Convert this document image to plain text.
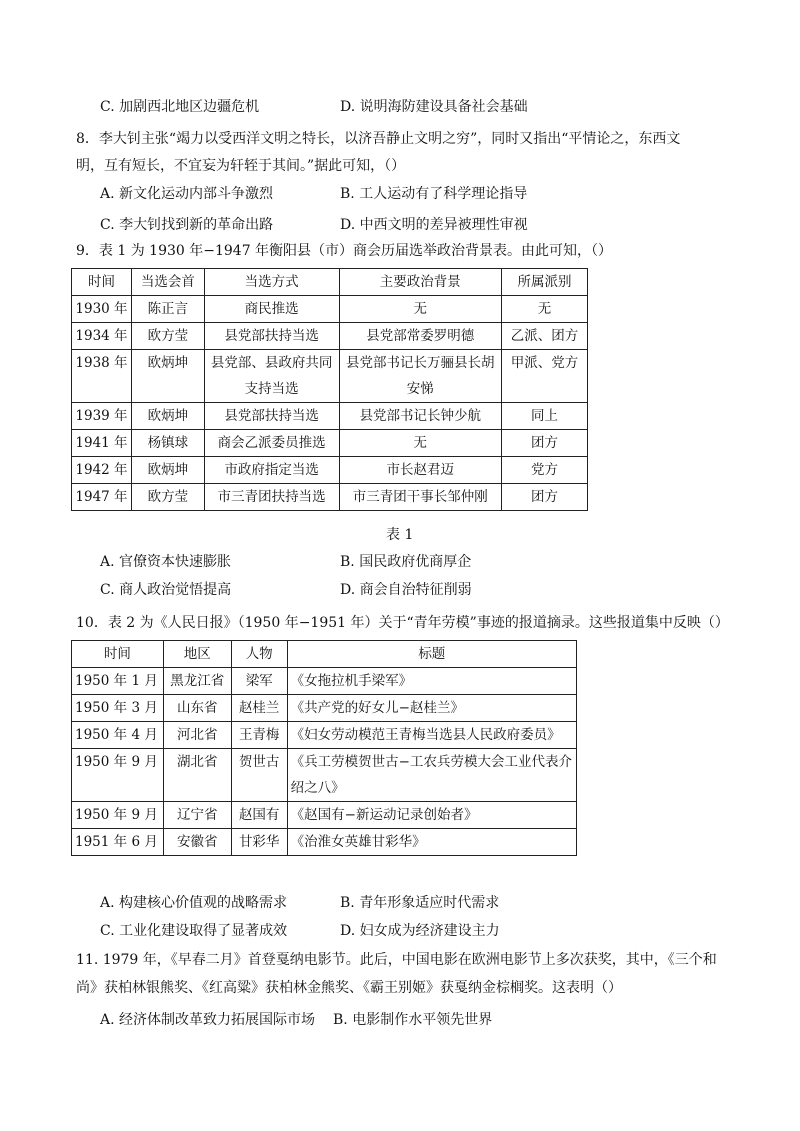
C. 加剧西北地区边疆危机	D. 说明海防建设具备社会基础
8．李大钊主张“竭力以受西洋文明之特长，以济吾静止文明之穷”，同时又指出“平情论之，东西文
明，互有短长，不宜妄为轩轾于其间。”据此可知，（）
A. 新文化运动内部斗争激烈	B. 工人运动有了科学理论指导
C. 李大钊找到新的革命出路	D. 中西文明的差异被理性审视
9．表 1 为 1930 年−1947 年衡阳县（市）商会历届选举政治背景表。由此可知，（）
时间	当选会首	当选方式	主要政治背景	所属派别
1930 年	陈正言	商民推选	无	无
1934 年	欧方莹	县党部扶持当选	县党部常委罗明德	乙派、团方
1938 年	欧炳坤	县党部、县政府共同支持当选	县党部书记长万骊县长胡安悌	甲派、党方
1939 年	欧炳坤	县党部扶持当选	县党部书记长钟少航	同上
1941 年	杨镇球	商会乙派委员推选	无	团方
1942 年	欧炳坤	市政府指定当选	市长赵君迈	党方
1947 年	欧方莹	市三青团扶持当选	市三青团干事长邹仲刚	团方
表 1
A. 官僚资本快速膨胀	B. 国民政府优商厚企
C. 商人政治觉悟提高	D. 商会自治特征削弱
10．表 2 为《人民日报》（1950 年−1951 年）关于“青年劳模”事迹的报道摘录。这些报道集中反映（）
时间	地区	人物	标题
1950 年 1 月	黑龙江省	梁军	《女拖拉机手梁军》
1950 年 3 月	山东省	赵桂兰	《共产党的好女儿−赵桂兰》
1950 年 4 月	河北省	王青梅	《妇女劳动模范王青梅当选县人民政府委员》
1950 年 9 月	湖北省	贺世古	《兵工劳模贺世古−工农兵劳模大会工业代表介绍之八》
1950 年 9 月	辽宁省	赵国有	《赵国有−新运动记录创始者》
1951 年 6 月	安徽省	甘彩华	《治淮女英雄甘彩华》
A. 构建核心价值观的战略需求	B. 青年形象适应时代需求
C. 工业化建设取得了显著成效	D. 妇女成为经济建设主力
11. 1979 年，《早春二月》首登戛纳电影节。此后，中国电影在欧洲电影节上多次获奖，其中，《三个和
尚》获柏林银熊奖、《红高粱》获柏林金熊奖、《霸王别姬》获戛纳金棕榈奖。这表明（）
A. 经济体制改革致力拓展国际市场 B. 电影制作水平领先世界
